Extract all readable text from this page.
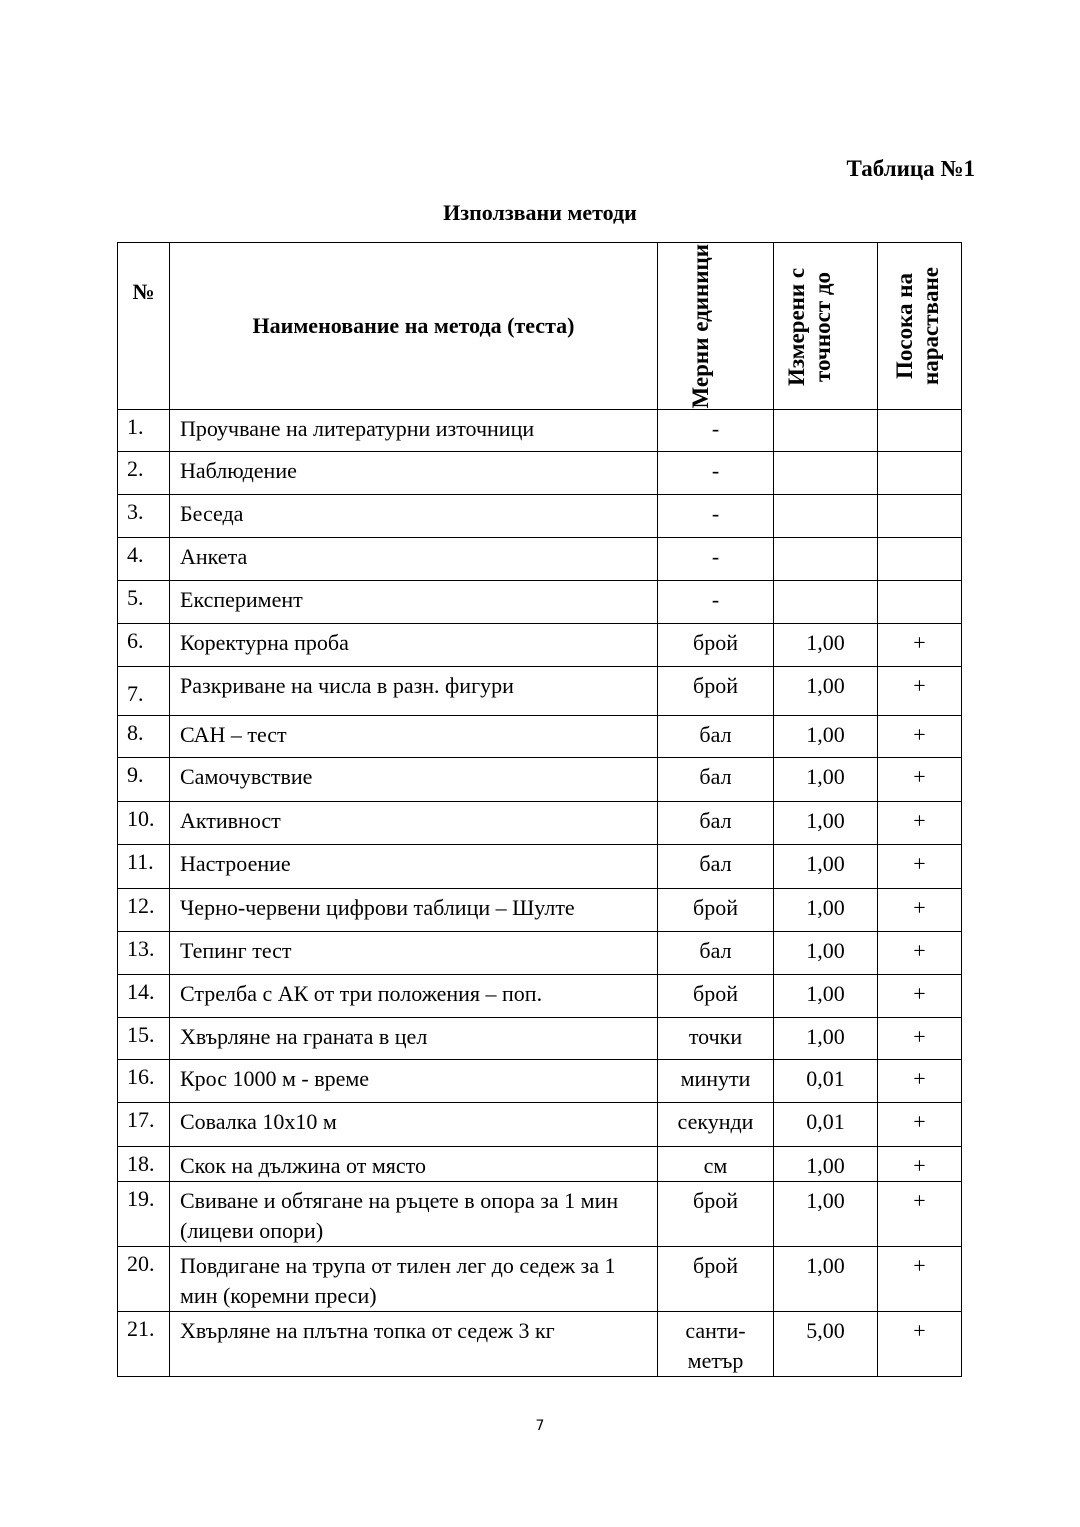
Таблица №1
Използвани методи
№	Наименование на метода (теста)	Мерни единици	Измерени с точност до	Посока на нарастване

1.	Проучване на литературни източници	-		
2.	Наблюдение	-		
3.	Беседа	-		
4.	Анкета	-		
5.	Експеримент	-		
6.	Коректурна проба	брой	1,00	+
7.	Разкриване на числа в разн. фигури	брой	1,00	+
8.	САН – тест	бал	1,00	+
9.	Самочувствие	бал	1,00	+
10.	Активност	бал	1,00	+
11.	Настроение	бал	1,00	+
12.	Черно-червени цифрови таблици – Шулте	брой	1,00	+
13.	Тепинг тест	бал	1,00	+
14.	Стрелба с АК от три положения – поп.	брой	1,00	+
15.	Хвърляне на граната в цел	точки	1,00	+
16.	Крос 1000 м - време	минути	0,01	+
17.	Совалка 10х10 м	секунди	0,01	+
18.	Скок на дължина от място	см	1,00	+
19.	Свиване и обтягане на ръцете в опора за 1 мин (лицеви опори)	брой	1,00	+
20.	Повдигане на трупа от тилен лег до седеж за 1 мин (коремни преси)	брой	1,00	+
21.	Хвърляне на плътна топка от седеж 3 кг	санти-метър	5,00	+
7
